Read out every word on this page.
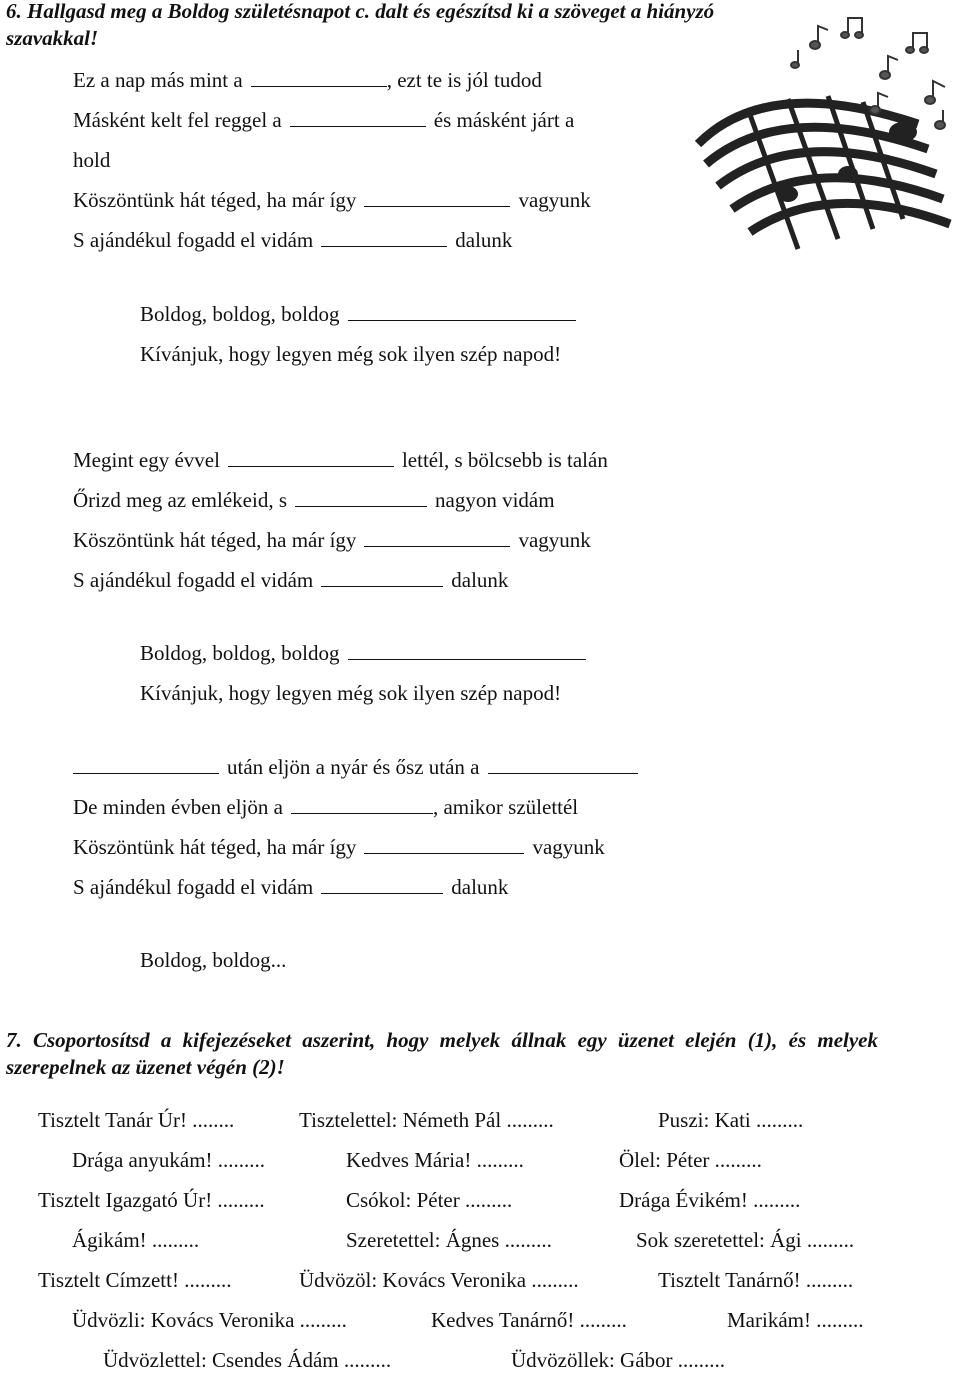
6. Hallgasd meg a Boldog születésnapot c. dalt és egészítsd ki a szöveget a hiányzó
szavakkal!
Ez a nap más mint a	, ezt te is jól tudod
Másként kelt fel reggel a	és másként járt a
hold
Köszöntünk hát téged, ha már így	vagyunk
S ajándékul fogadd el vidám	dalunk
Boldog, boldog, boldog
Kívánjuk, hogy legyen még sok ilyen szép napod!
Megint egy évvel	lettél, s bölcsebb is talán
Őrizd meg az emlékeid, s	nagyon vidám
Köszöntünk hát téged, ha már így	vagyunk
S ajándékul fogadd el vidám	dalunk
Boldog, boldog, boldog
Kívánjuk, hogy legyen még sok ilyen szép napod!
után eljön a nyár és ősz után a
De minden évben eljön a	, amikor születtél
Köszöntünk hát téged, ha már így	vagyunk
S ajándékul fogadd el vidám	dalunk
Boldog, boldog...
7. Csoportosítsd a kifejezéseket aszerint, hogy melyek állnak egy üzenet elején (1), és melyek szerepelnek az üzenet végén (2)!
Tisztelt Tanár Úr! ........	Tisztelettel: Németh Pál .........	Puszi: Kati .........
Drága anyukám! .........	Kedves Mária! .........	Ölel: Péter .........
Tisztelt Igazgató Úr! .........	Csókol: Péter .........	Drága Évikém! .........
Ágikám! .........	Szeretettel: Ágnes .........	Sok szeretettel: Ági .........
Tisztelt Címzett! .........	Üdvözöl: Kovács Veronika .........	Tisztelt Tanárnő! .........
Üdvözli: Kovács Veronika .........	Kedves Tanárnő! .........	Marikám! .........
Üdvözlettel: Csendes Ádám .........	Üdvözöllek: Gábor .........
